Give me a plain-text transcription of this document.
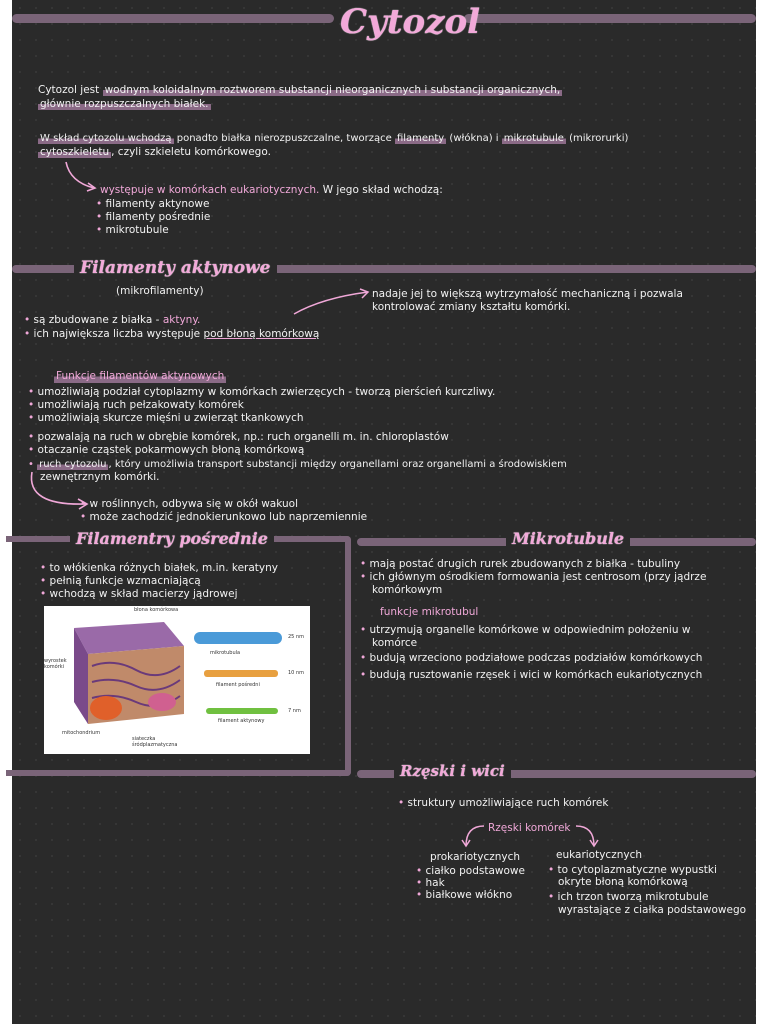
Cytozol
Cytozol jest wodnym koloidalnym roztworem substancji nieorganicznych i substancji organicznych,
głównie rozpuszczalnych białek.
W skład cytozolu wchodzą ponadto białka nierozpuszczalne, tworzące filamenty (włókna) i mikrotubule (mikrorurki)
cytoszkieletu , czyli szkieletu komórkowego.
występuje w komórkach eukariotycznych. W jego skład wchodzą:
• filamenty aktynowe
• filamenty pośrednie
• mikrotubule
Filamenty aktynowe
(mikrofilamenty)	nadaje jej to większą wytrzymałość mechaniczną i pozwala
kontrolować zmiany kształtu komórki.
• są zbudowane z białka - aktyny.
• ich największa liczba występuje pod błoną komórkową
Funkcje filamentów aktynowych
• umożliwiają podział cytoplazmy w komórkach zwierzęcych - tworzą pierścień kurczliwy.
• umożliwiają ruch pełzakowaty komórek
• umożliwiają skurcze mięśni u zwierząt tkankowych
• pozwalają na ruch w obrębie komórek, np.: ruch organelli m. in. chloroplastów
• otaczanie cząstek pokarmowych błoną komórkową
• ruch cytozolu , który umożliwia transport substancji między organellami oraz organellami a środowiskiem
zewnętrznym komórki.
• w roślinnych, odbywa się w okół wakuol
• może zachodzić jednokierunkowo lub naprzemiennie
Filamentry pośrednie
• to włókienka różnych białek, m.in. keratyny
• pełnią funkcje wzmacniającą
• wchodzą w skład macierzy jądrowej
błona komórkowa
wyrostek komórki
mitochondrium
siateczka śródplazmatyczna
mikrotubula
25 nm
filament pośredni
10 nm
filament aktynowy
7 nm
Mikrotubule
• mają postać drugich rurek zbudowanych z białka - tubuliny
• ich głównym ośrodkiem formowania jest centrosom (przy jądrze
komórkowym
funkcje mikrotubul
• utrzymują organelle komórkowe w odpowiednim położeniu w
komórce
• budują wrzeciono podziałowe podczas podziałów komórkowych
• budują rusztowanie rzęsek i wici w komórkach eukariotycznych
Rzęski i wici
• struktury umożliwiające ruch komórek
Rzęski komórek
prokariotycznych
• ciałko podstawowe
• hak
• białkowe włókno
eukariotycznych
• to cytoplazmatyczne wypustki
okryte błoną komórkową
• ich trzon tworzą mikrotubule
wyrastające z ciałka podstawowego
